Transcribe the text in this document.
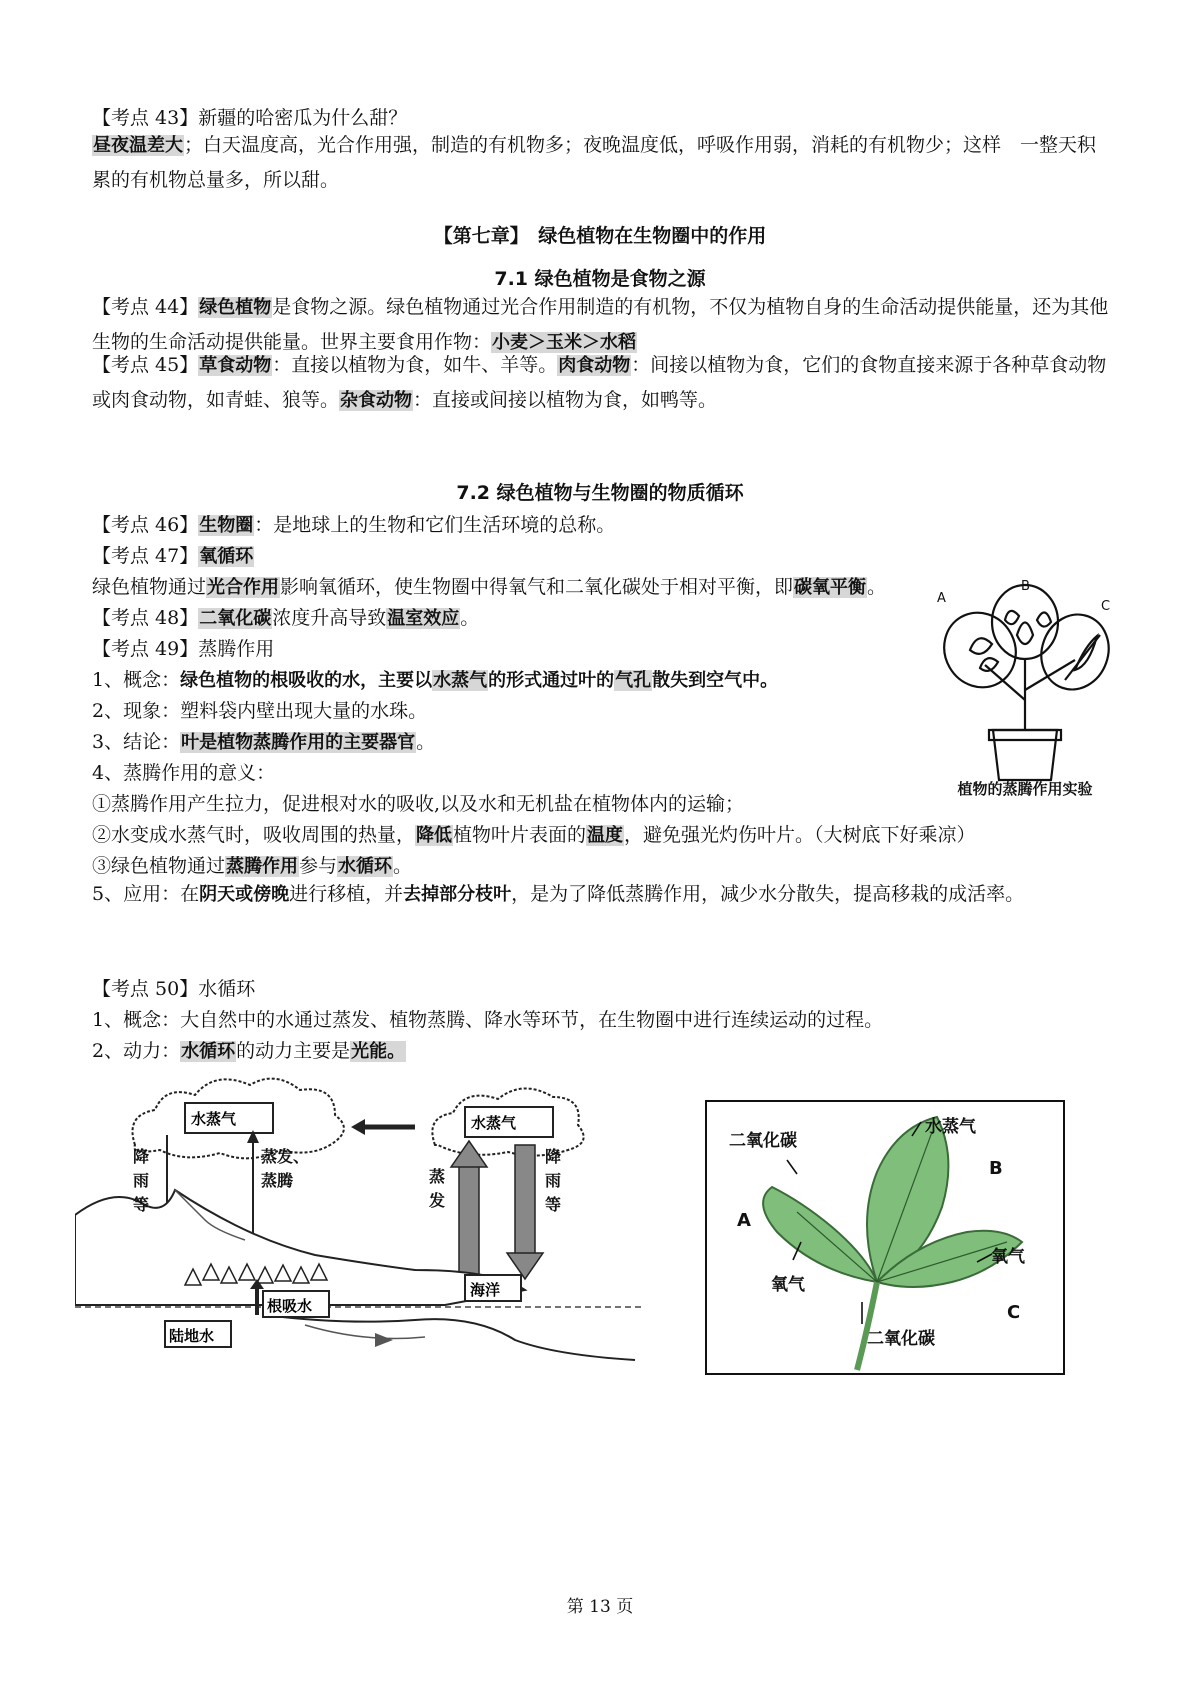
【考点 43】新疆的哈密瓜为什么甜？
昼夜温差大；白天温度高，光合作用强，制造的有机物多；夜晚温度低，呼吸作用弱，消耗的有机物少；这样　一整天积累的有机物总量多，所以甜。
【第七章】　绿色植物在生物圈中的作用
7.1 绿色植物是食物之源
【考点 44】绿色植物是食物之源。绿色植物通过光合作用制造的有机物，不仅为植物自身的生命活动提供能量，还为其他生物的生命活动提供能量。世界主要食用作物：小麦＞玉米＞水稻
【考点 45】草食动物：直接以植物为食，如牛、羊等。肉食动物：间接以植物为食，它们的食物直接来源于各种草食动物或肉食动物，如青蛙、狼等。杂食动物：直接或间接以植物为食，如鸭等。
7.2 绿色植物与生物圈的物质循环
【考点 46】生物圈：是地球上的生物和它们生活环境的总称。
【考点 47】氧循环
绿色植物通过光合作用影响氧循环，使生物圈中得氧气和二氧化碳处于相对平衡，即碳氧平衡。
【考点 48】二氧化碳浓度升高导致温室效应。
【考点 49】蒸腾作用
1、概念：绿色植物的根吸收的水，主要以水蒸气的形式通过叶的气孔散失到空气中。
2、现象：塑料袋内壁出现大量的水珠。
3、结论：叶是植物蒸腾作用的主要器官。
4、蒸腾作用的意义：
①蒸腾作用产生拉力，促进根对水的吸收,以及水和无机盐在植物体内的运输；
②水变成水蒸气时，吸收周围的热量，降低植物叶片表面的温度，避免强光灼伤叶片。（大树底下好乘凉）
③绿色植物通过蒸腾作用参与水循环。
5、应用：在阴天或傍晚进行移植，并去掉部分枝叶，是为了降低蒸腾作用，减少水分散失，提高移栽的成活率。
A
B
C
植物的蒸腾作用实验
【考点 50】水循环
1、概念：大自然中的水通过蒸发、植物蒸腾、降水等环节，在生物圈中进行连续运动的过程。
2、动力：水循环的动力主要是光能。
水蒸气	水蒸气
海洋
陆地水
根吸水
降雨等
蒸发、蒸腾	蒸发
降雨等
二氧化碳
水蒸气
B
A
氧气
氧气
二氧化碳
C
第 13 页
